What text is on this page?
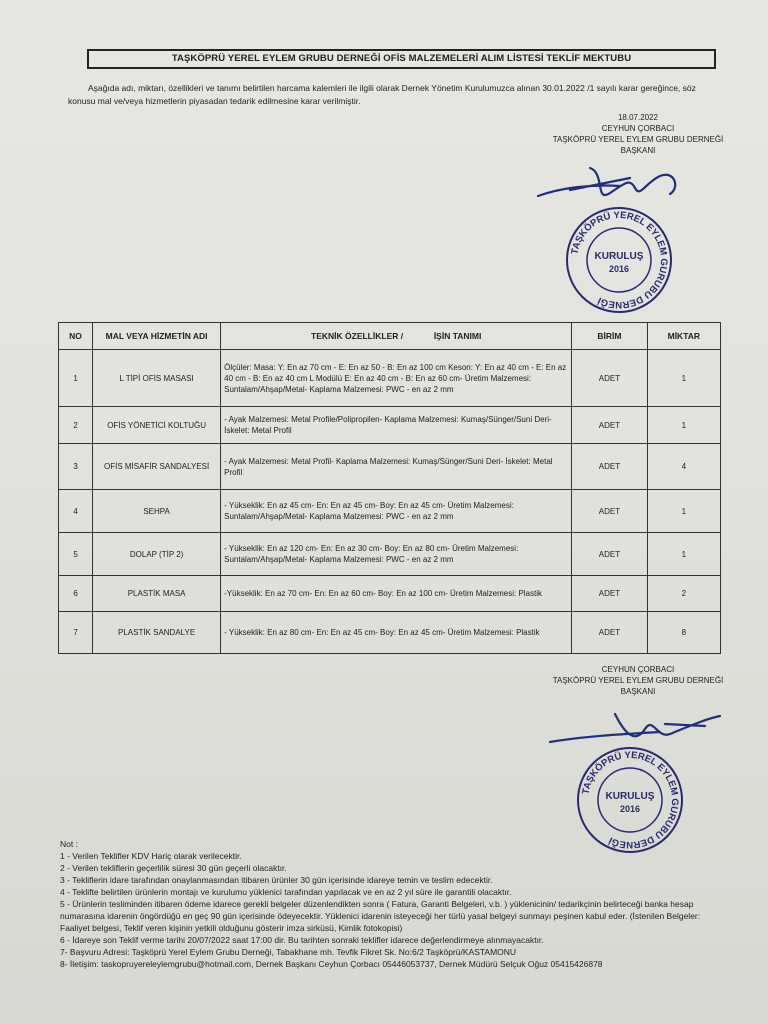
TAŞKÖPRÜ YEREL EYLEM GRUBU DERNEĞİ OFİS MALZEMELERİ ALIM LİSTESİ TEKLİF MEKTUBU
Aşağıda adı, miktarı, özellikleri ve tanımı belirtilen harcama kalemleri ile ilgili olarak Dernek Yönetim Kurulumuzca alınan 30.01.2022 /1 sayılı karar gereğince, söz konusu mal ve/veya hizmetlerin piyasadan tedarik edilmesine karar verilmiştir.
18.07.2022
CEYHUN ÇORBACI
TAŞKÖPRÜ YEREL EYLEM GRUBU DERNEĞİ
BAŞKANI
TAŞKÖPRÜ YEREL EYLEM GURUBU DERNEĞİ
KURULUŞ
2016
NO	MAL VEYA HİZMETİN ADI	TEKNİK ÖZELLİKLER / İŞİN TANIMI	BİRİM	MİKTAR
1	L TİPİ OFİS MASASI	Ölçüler: Masa: Y: En az 70 cm - E: En az 50 - B: En az 100 cm Keson: Y: En az 40 cm - E: En az 40 cm - B: En az 40 cm L Modülü E: En az 40 cm - B: En az 60 cm- Üretim Malzemesi: Suntalam/Ahşap/Metal- Kaplama Malzemesi: PWC - en az 2 mm	ADET	1
2	OFİS YÖNETİCİ KOLTUĞU	- Ayak Malzemesi: Metal Profile/Polipropilen- Kaplama Malzemesi: Kumaş/Sünger/Suni Deri- İskelet: Metal Profil	ADET	1
3	OFİS MİSAFİR SANDALYESİ	- Ayak Malzemesi: Metal Profil- Kaplama Malzemesi: Kumaş/Sünger/Suni Deri- İskelet: Metal Profil	ADET	4
4	SEHPA	- Yükseklik: En az 45 cm- En: En az 45 cm- Boy: En az 45 cm- Üretim Malzemesi: Suntalam/Ahşap/Metal- Kaplama Malzemesi: PWC - en az 2 mm	ADET	1
5	DOLAP (TİP 2)	- Yükseklik: En az 120 cm- En: En az 30 cm- Boy: En az 80 cm- Üretim Malzemesi: Suntalam/Ahşap/Metal- Kaplama Malzemesi: PWC - en az 2 mm	ADET	1
6	PLASTİK MASA	-Yükseklik: En az 70 cm- En: En az 60 cm- Boy: En az 100 cm- Üretim Malzemesi: Plastik	ADET	2
7	PLASTİK SANDALYE	- Yükseklik: En az 80 cm- En: En az 45 cm- Boy: En az 45 cm- Üretim Malzemesi: Plastik	ADET	8
CEYHUN ÇORBACI
TAŞKÖPRÜ YEREL EYLEM GRUBU DERNEĞİ
BAŞKANI
TAŞKÖPRÜ YEREL EYLEM GURUBU DERNEĞİ
KURULUŞ
2016

Not :

1 - Verilen Teklifler KDV Hariç olarak verilecektir.

2 - Verilen tekliflerin geçerlilik süresi 30 gün geçerli olacaktır.

3 - Tekliflerin idare tarafından onaylanmasından itibaren ürünler 30 gün içerisinde idareye temin ve teslim edecektir.

4 - Teklifte belirtilen ürünlerin montajı ve kurulumu yüklenici tarafından yapılacak ve en az 2 yıl süre ile garantili olacaktır.

5 - Ürünlerin tesliminden itibaren ödeme idarece gerekli belgeler düzenlendikten sonra ( Fatura, Garanti Belgeleri, v.b. ) yüklenicinin/ tedarikçinin belirteceği banka hesap numarasına idarenin öngördüğü en geç 90 gün içerisinde ödeyecektir. Yüklenici idarenin isteyeceği her türlü yasal belgeyi sunmayı peşinen kabul eder. (İstenilen Belgeler: Faaliyet belgesi, Teklif veren kişinin yetkili olduğunu gösterir imza sirküsü, Kimlik fotokopisi)

6 - İdareye son Teklif verme tarihi 20/07/2022 saat 17:00 dir. Bu tarihten sonraki teklifler idarece değerlendirmeye alınmayacaktır.

7- Başvuru Adresi: Taşköprü Yerel Eylem Grubu Derneği, Tabakhane mh. Tevfik Fikret Sk. No:6/2 Taşköprü/KASTAMONU

8- İletişim: taskopruyereleylemgrubu@hotmail.com, Dernek Başkanı Ceyhun Çorbacı 05446053737, Dernek Müdürü Selçuk Oğuz 05415426878
